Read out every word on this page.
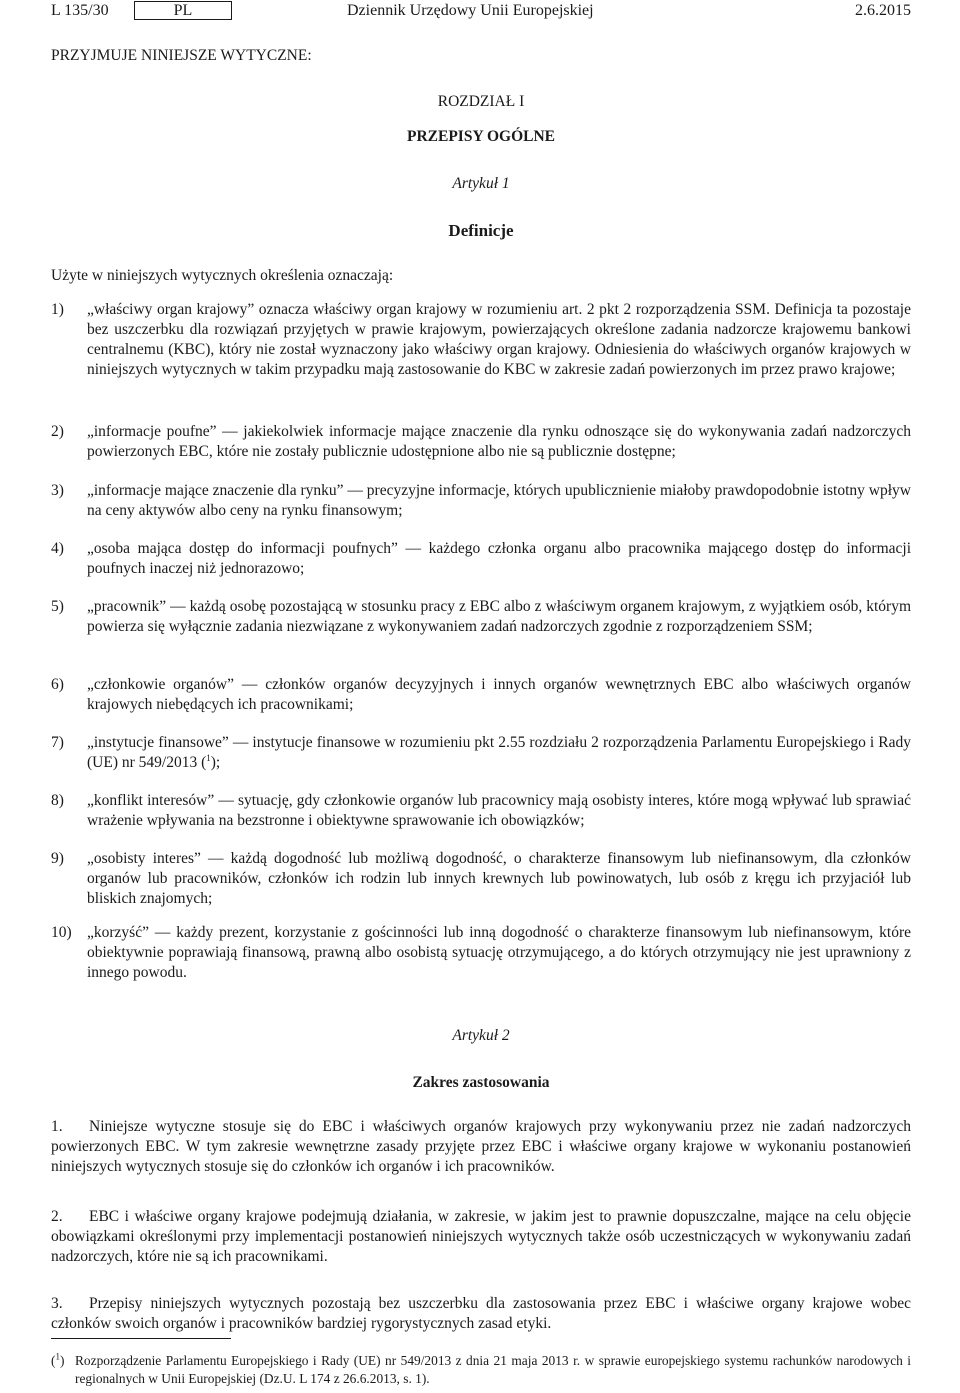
L 135/30	PL	Dziennik Urzędowy Unii Europejskiej	2.6.2015
PRZYJMUJE NINIEJSZE WYTYCZNE:
ROZDZIAŁ I
PRZEPISY OGÓLNE
Artykuł 1
Definicje
Użyte w niniejszych wytycznych określenia oznaczają:
1) „właściwy organ krajowy” oznacza właściwy organ krajowy w rozumieniu art. 2 pkt 2 rozporządzenia SSM. Definicja ta pozostaje bez uszczerbku dla rozwiązań przyjętych w prawie krajowym, powierzających określone zadania nadzorcze krajowemu bankowi centralnemu (KBC), który nie został wyznaczony jako właściwy organ krajowy. Odniesienia do właściwych organów krajowych w niniejszych wytycznych w takim przypadku mają zastosowanie do KBC w zakresie zadań powierzonych im przez prawo krajowe;
2) „informacje poufne” — jakiekolwiek informacje mające znaczenie dla rynku odnoszące się do wykonywania zadań nadzorczych powierzonych EBC, które nie zostały publicznie udostępnione albo nie są publicznie dostępne;
3) „informacje mające znaczenie dla rynku” — precyzyjne informacje, których upublicznienie miałoby prawdopodobnie istotny wpływ na ceny aktywów albo ceny na rynku finansowym;
4) „osoba mająca dostęp do informacji poufnych” — każdego członka organu albo pracownika mającego dostęp do informacji poufnych inaczej niż jednorazowo;
5) „pracownik” — każdą osobę pozostającą w stosunku pracy z EBC albo z właściwym organem krajowym, z wyjątkiem osób, którym powierza się wyłącznie zadania niezwiązane z wykonywaniem zadań nadzorczych zgodnie z rozporządzeniem SSM;
6) „członkowie organów” — członków organów decyzyjnych i innych organów wewnętrznych EBC albo właściwych organów krajowych niebędących ich pracownikami;
7) „instytucje finansowe” — instytucje finansowe w rozumieniu pkt 2.55 rozdziału 2 rozporządzenia Parlamentu Europejskiego i Rady (UE) nr 549/2013 ($^1$);
8) „konflikt interesów” — sytuację, gdy członkowie organów lub pracownicy mają osobisty interes, które mogą wpływać lub sprawiać wrażenie wpływania na bezstronne i obiektywne sprawowanie ich obowiązków;
9) „osobisty interes” — każdą dogodność lub możliwą dogodność, o charakterze finansowym lub niefinansowym, dla członków organów lub pracowników, członków ich rodzin lub innych krewnych lub powinowatych, lub osób z kręgu ich przyjaciół lub bliskich znajomych;
10) „korzyść” — każdy prezent, korzystanie z gościnności lub inną dogodność o charakterze finansowym lub niefinansowym, które obiektywnie poprawiają finansową, prawną albo osobistą sytuację otrzymującego, a do których otrzymujący nie jest uprawniony z innego powodu.
Artykuł 2
Zakres zastosowania
1. Niniejsze wytyczne stosuje się do EBC i właściwych organów krajowych przy wykonywaniu przez nie zadań nadzorczych powierzonych EBC. W tym zakresie wewnętrzne zasady przyjęte przez EBC i właściwe organy krajowe w wykonaniu postanowień niniejszych wytycznych stosuje się do członków ich organów i ich pracowników.
2. EBC i właściwe organy krajowe podejmują działania, w zakresie, w jakim jest to prawnie dopuszczalne, mające na celu objęcie obowiązkami określonymi przy implementacji postanowień niniejszych wytycznych także osób uczestniczących w wykonywaniu zadań nadzorczych, które nie są ich pracownikami.
3. Przepisy niniejszych wytycznych pozostają bez uszczerbku dla zastosowania przez EBC i właściwe organy krajowe wobec członków swoich organów i pracowników bardziej rygorystycznych zasad etyki.
($^1$) Rozporządzenie Parlamentu Europejskiego i Rady (UE) nr 549/2013 z dnia 21 maja 2013 r. w sprawie europejskiego systemu rachunków narodowych i regionalnych w Unii Europejskiej (Dz.U. L 174 z 26.6.2013, s. 1).
